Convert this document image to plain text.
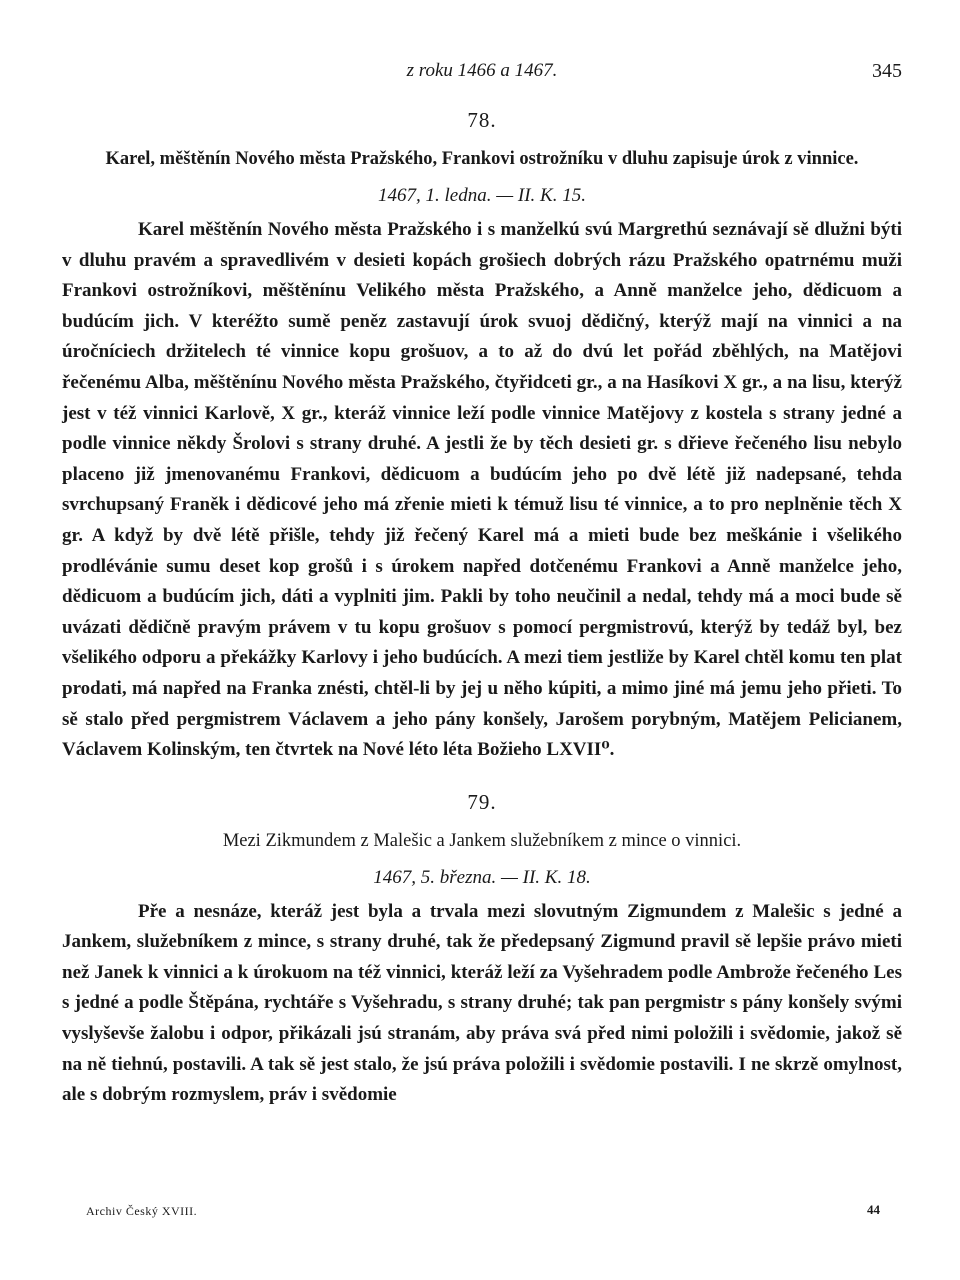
z roku 1466 a 1467.	345
78.
Karel, měštěnín Nového města Pražského, Frankovi ostrožníku v dluhu zapisuje úrok z vinnice.
1467, 1. ledna. — II. K. 15.

Karel měštěnín Nového města Pražského i s manželkú svú Margrethú seznávají sě dlužni býti v dluhu pravém a spravedlivém v desieti kopách grošiech dobrých rázu Pražského opatrnému muži Frankovi ostrožníkovi, měštěnínu Velikého města Pražského, a Anně manželce jeho, dědicuom a budúcím jich. V kteréžto sumě peněz zastavují úrok svuoj dědičný, kterýž mají na vinnici a na úročníciech držitelech té vinnice kopu grošuov, a to až do dvú let pořád zběhlých, na Matějovi řečenému Alba, měštěnínu Nového města Pražského, čtyřidceti gr., a na Hasíkovi X gr., a na lisu, kterýž jest v též vinnici Karlově, X gr., kteráž vinnice leží podle vinnice Matějovy z kostela s strany jedné a podle vinnice někdy Šrolovi s strany druhé. A jestli že by těch desieti gr. s dřieve řečeného lisu nebylo placeno již jmenovanému Frankovi, dědicuom a budúcím jeho po dvě létě již nadepsané, tehda svrchupsaný Franěk i dědicové jeho má zřenie mieti k témuž lisu té vinnice, a to pro neplněnie těch X gr. A když by dvě létě přišle, tehdy již řečený Karel má a mieti bude bez meškánie i všelikého prodlévánie sumu deset kop grošů i s úrokem napřed dotčenému Frankovi a Anně manželce jeho, dědicuom a budúcím jich, dáti a vyplniti jim. Pakli by toho neučinil a nedal, tehdy má a moci bude sě uvázati dědičně pravým právem v tu kopu grošuov s pomocí pergmistrovú, kterýž by tedáž byl, bez všelikého odporu a překážky Karlovy i jeho budúcích. A mezi tiem jestliže by Karel chtěl komu ten plat prodati, má napřed na Franka znésti, chtěl-li by jej u něho kúpiti, a mimo jiné má jemu jeho přieti. To sě stalo před pergmistrem Václavem a jeho pány konšely, Jarošem porybným, Matějem Pelicianem, Václavem Kolinským, ten čtvrtek na Nové léto léta Božieho LXVII⁰.

79.
Mezi Zikmundem z Malešic a Jankem služebníkem z mince o vinnici.
1467, 5. března. — II. K. 18.

Pře a nesnáze, kteráž jest byla a trvala mezi slovutným Zigmundem z Malešic s jedné a Jankem, služebníkem z mince, s strany druhé, tak že předepsaný Zigmund pravil sě lepšie právo mieti než Janek k vinnici a k úrokuom na též vinnici, kteráž leží za Vyšehradem podle Ambrože řečeného Les s jedné a podle Štěpána, rychtáře s Vyšehradu, s strany druhé; tak pan pergmistr s pány konšely svými vyslyševše žalobu i odpor, přikázali jsú stranám, aby práva svá před nimi položili i svědomie, jakož sě na ně tiehnú, postavili. A tak sě jest stalo, že jsú práva položili i svědomie postavili. I ne skrzě omylnost, ale s dobrým rozmyslem, práv i svědomie

Archiv Český XVIII.	44
